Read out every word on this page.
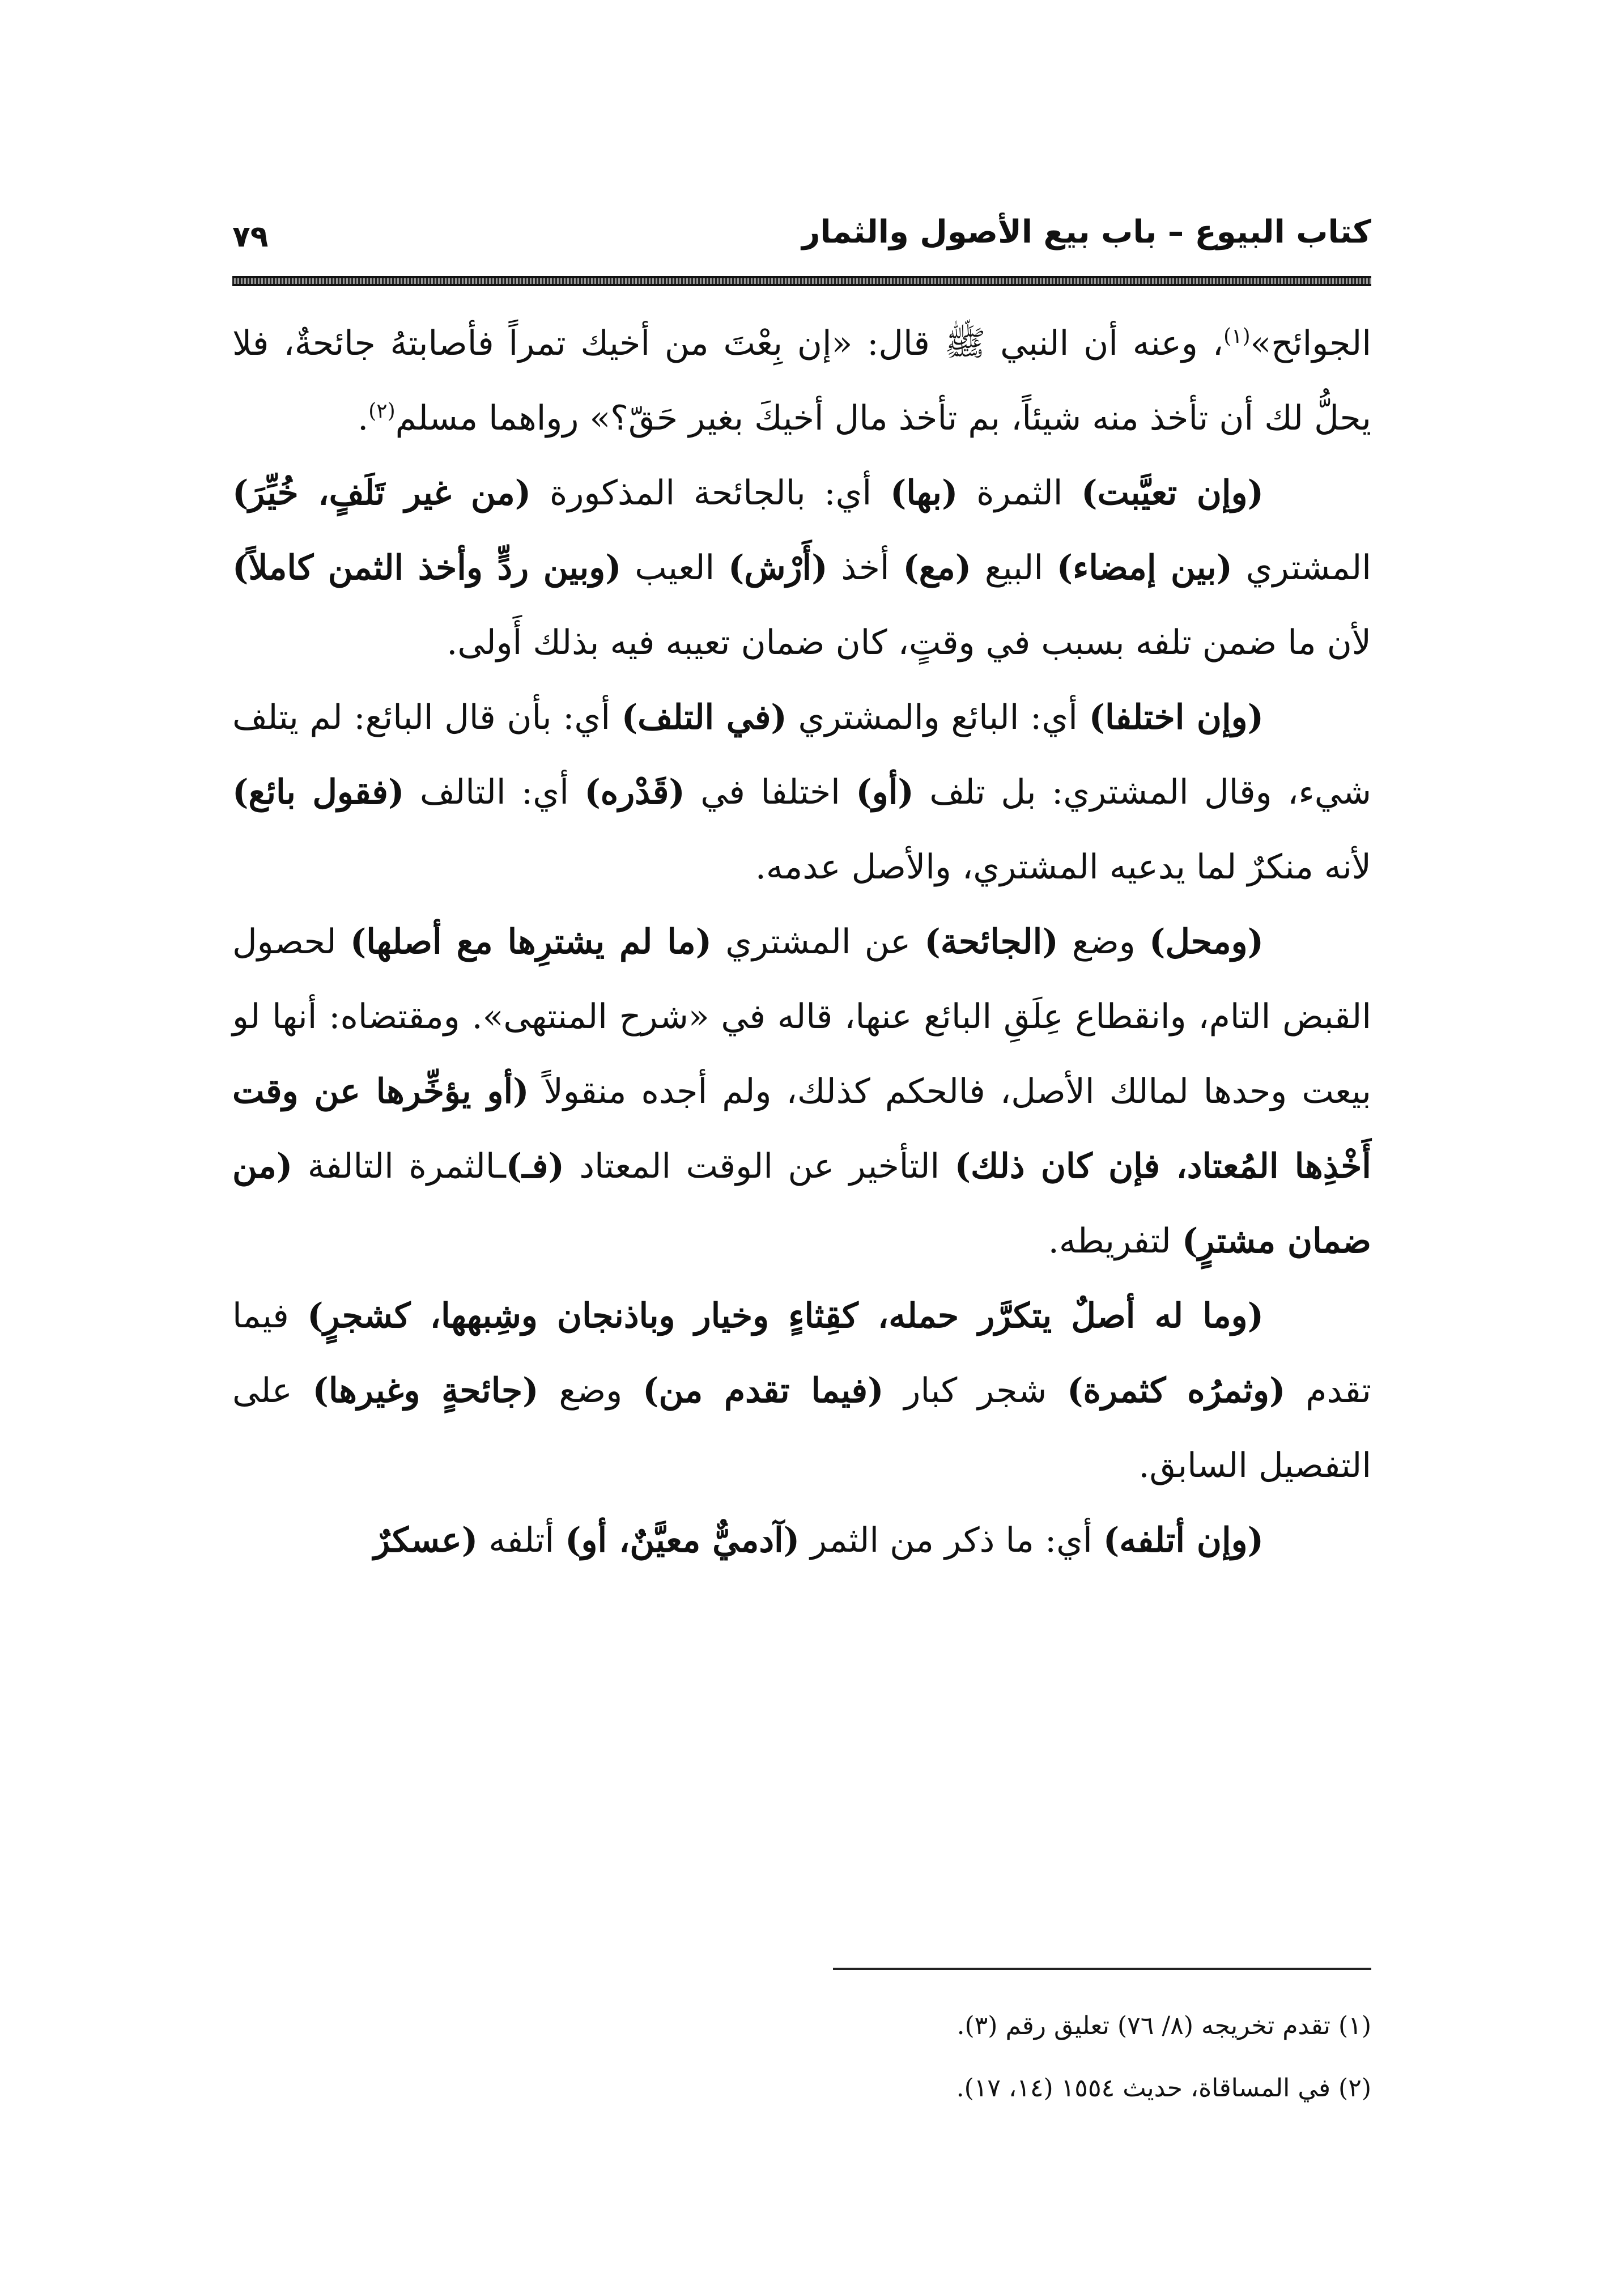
كتاب البيوع – باب بيع الأصول والثمار
٧٩

الجوائح»$^{(١)}$، وعنه أن النبي ﷺ قال: «إن بِعْتَ من أخيك تمراً فأصابتهُ جائحةٌ، فلا يحلُّ لك أن تأخذ منه شيئاً، بم تأخذ مال أخيكَ بغير حَقّ؟» رواهما مسلم$^{(٢)}$.

(وإن تعيَّبت) الثمرة (بها) أي: بالجائحة المذكورة (من غير تَلَفٍ، خُيِّرَ) المشتري (بين إمضاء) البيع (مع) أخذ (أَرْش) العيب (وبين ردٍّ وأخذ الثمن كاملاً) لأن ما ضمن تلفه بسبب في وقتٍ، كان ضمان تعيبه فيه بذلك أَولى.

(وإن اختلفا) أي: البائع والمشتري (في التلف) أي: بأن قال البائع: لم يتلف شيء، وقال المشتري: بل تلف (أو) اختلفا في (قَدْره) أي: التالف (فقول بائع) لأنه منكرٌ لما يدعيه المشتري، والأصل عدمه.

(ومحل) وضع (الجائحة) عن المشتري (ما لم يشترِها مع أصلها) لحصول القبض التام، وانقطاع عِلَقِ البائع عنها، قاله في «شرح المنتهى». ومقتضاه: أنها لو بيعت وحدها لمالك الأصل، فالحكم كذلك، ولم أجده منقولاً (أو يؤخِّرها عن وقت أَخْذِها المُعتاد، فإن كان ذلك) التأخير عن الوقت المعتاد (فـ)ـالثمرة التالفة (من ضمان مشترٍ) لتفريطه.

(وما له أصلٌ يتكرَّر حمله، كقِثاءٍ وخيار وباذنجان وشِبهها، كشجرٍ) فيما تقدم (وثمرُه كثمرة) شجر كبار (فيما تقدم من) وضع (جائحةٍ وغيرها) على التفصيل السابق.

(وإن أتلفه) أي: ما ذكر من الثمر (آدميٌّ معيَّنٌ، أو) أتلفه (عسكرٌ

(١) تقدم تخريجه (٨/ ٧٦) تعليق رقم (٣).

(٢) في المساقاة، حديث ١٥٥٤ (١٤، ١٧).
